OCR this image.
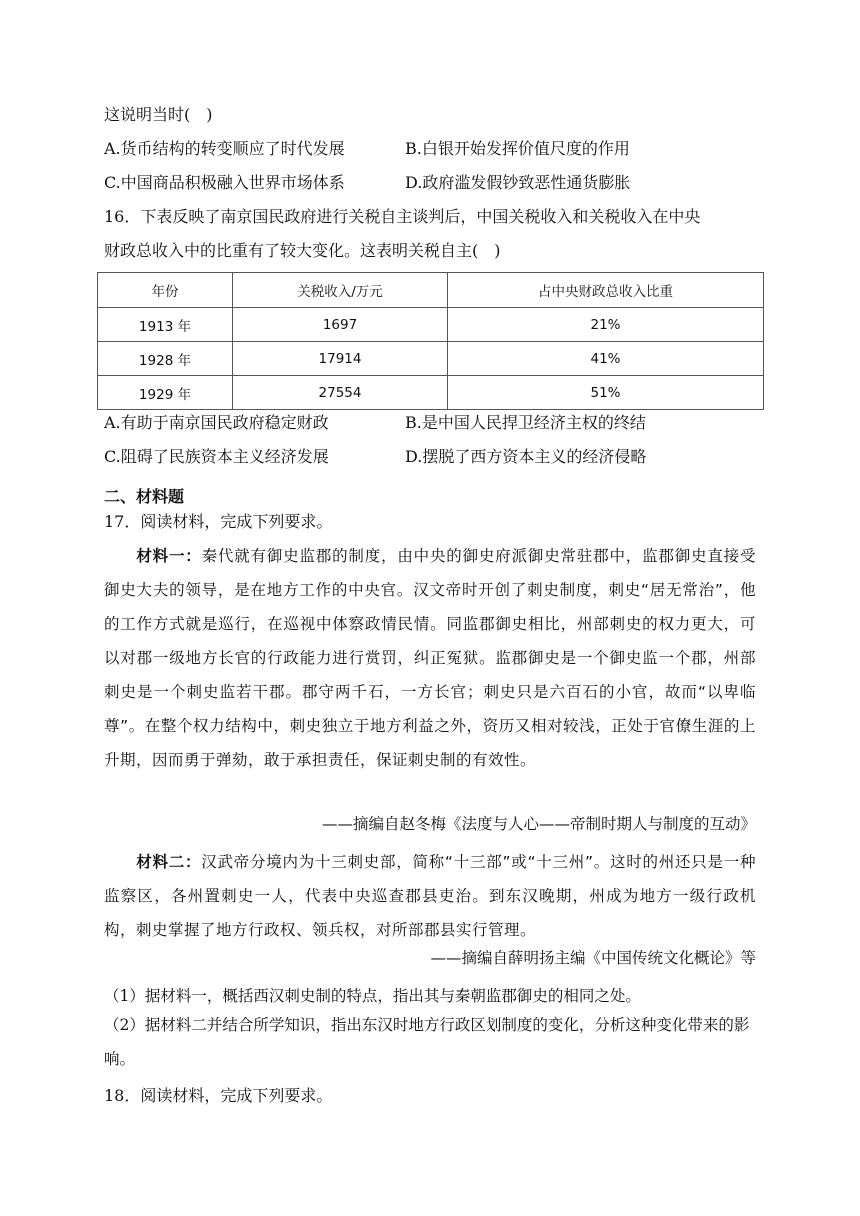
这说明当时(　)
A.货币结构的转变顺应了时代发展	B.白银开始发挥价值尺度的作用
C.中国商品积极融入世界市场体系	D.政府滥发假钞致恶性通货膨胀
16．下表反映了南京国民政府进行关税自主谈判后，中国关税收入和关税收入在中央
财政总收入中的比重有了较大变化。这表明关税自主(　)
年份	关税收入/万元	占中央财政总收入比重
1913 年	1697	21%
1928 年	17914	41%
1929 年	27554	51%
A.有助于南京国民政府稳定财政	B.是中国人民捍卫经济主权的终结
C.阻碍了民族资本主义经济发展	D.摆脱了西方资本主义的经济侵略
二、材料题
17．阅读材料，完成下列要求。
材料一：秦代就有御史监郡的制度，由中央的御史府派御史常驻郡中，监郡御史直接受御史大夫的领导，是在地方工作的中央官。汉文帝时开创了刺史制度，刺史“居无常治”，他的工作方式就是巡行，在巡视中体察政情民情。同监郡御史相比，州部刺史的权力更大，可以对郡一级地方长官的行政能力进行赏罚，纠正冤狱。监郡御史是一个御史监一个郡，州部刺史是一个刺史监若干郡。郡守两千石，一方长官；刺史只是六百石的小官，故而“以卑临尊”。在整个权力结构中，刺史独立于地方利益之外，资历又相对较浅，正处于官僚生涯的上升期，因而勇于弹劾，敢于承担责任，保证刺史制的有效性。
——摘编自赵冬梅《法度与人心——帝制时期人与制度的互动》
材料二：汉武帝分境内为十三刺史部，简称“十三部”或“十三州”。这时的州还只是一种监察区，各州置刺史一人，代表中央巡查郡县吏治。到东汉晚期，州成为地方一级行政机构，刺史掌握了地方行政权、领兵权，对所部郡县实行管理。
——摘编自薛明扬主编《中国传统文化概论》等
（1）据材料一，概括西汉刺史制的特点，指出其与秦朝监郡御史的相同之处。
（2）据材料二并结合所学知识，指出东汉时地方行政区划制度的变化，分析这种变化带来的影响。
18．阅读材料，完成下列要求。
